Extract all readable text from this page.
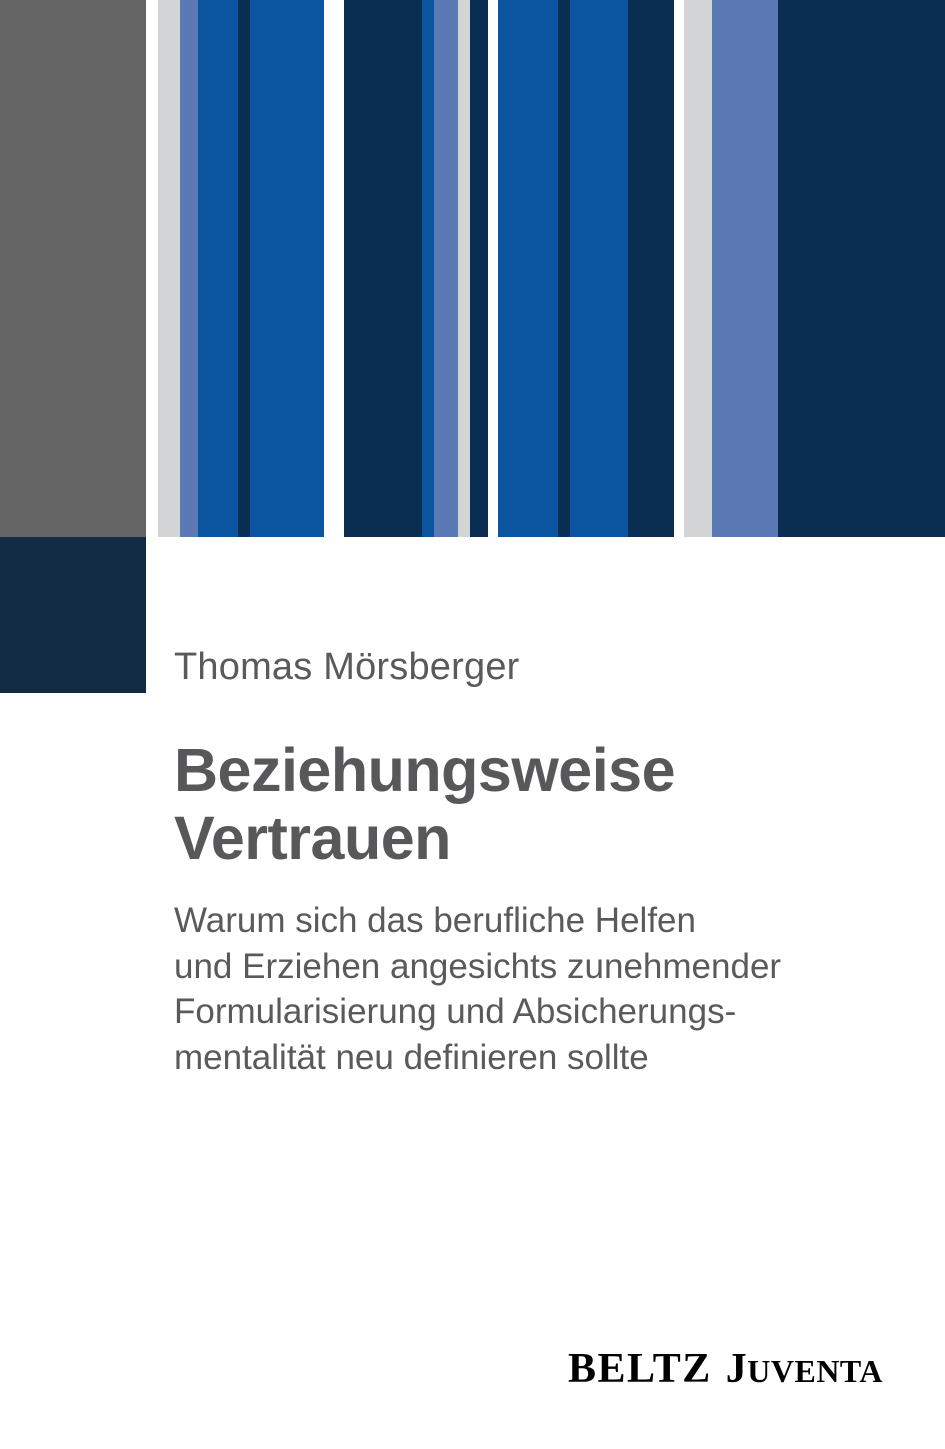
Thomas Mörsberger
Beziehungsweise
Vertrauen
Warum sich das berufliche Helfen
und Erziehen angesichts zunehmender
Formularisierung und Absicherungs-
mentalität neu definieren sollte
BELTZ JUVENTA
